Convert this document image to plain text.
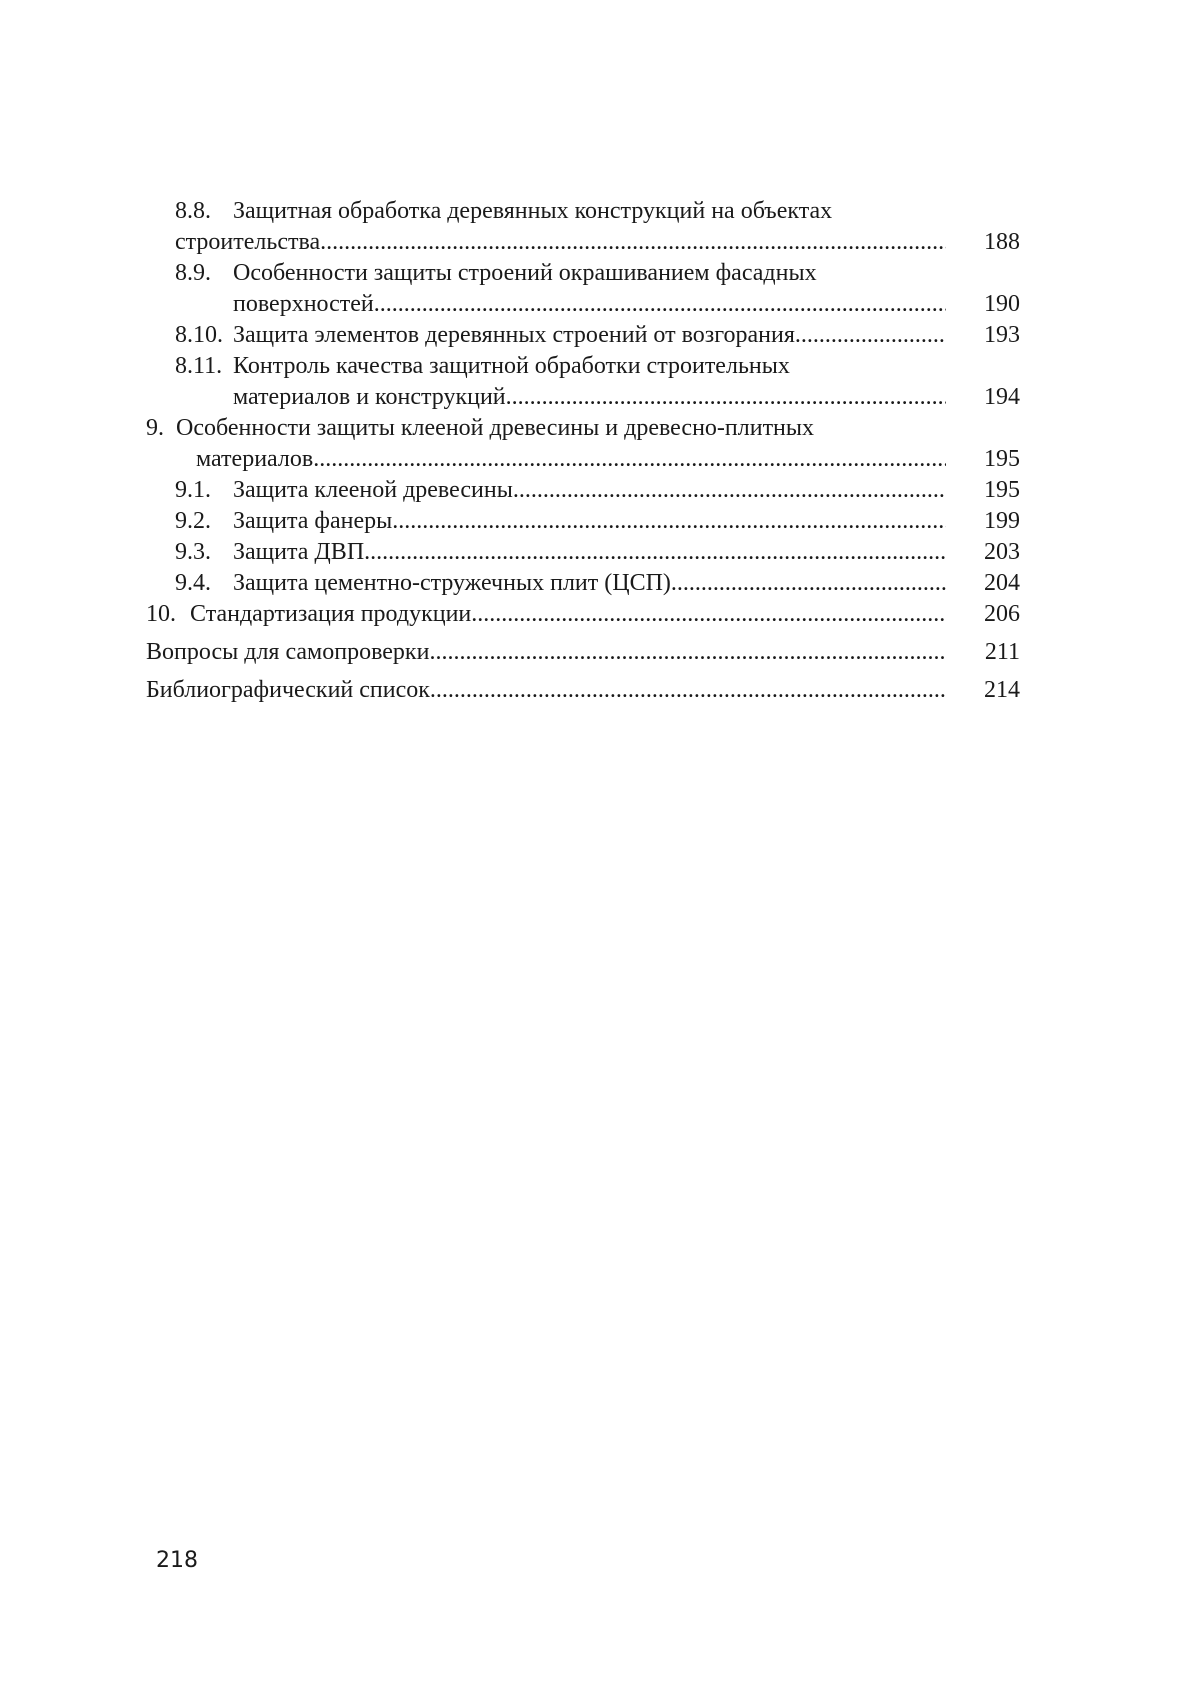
8.8. Защитная обработка деревянных конструкций на объектах
строительства .....	188
8.9. Особенности защиты строений окрашиванием фасадных
поверхностей .....	190
8.10. Защита элементов деревянных строений от возгорания .....	193
8.11. Контроль качества защитной обработки строительных
материалов и конструкций .....	194
9. Особенности защиты клееной древесины и древесно-плитных
материалов .....	195
9.1. Защита клееной древесины .....	195
9.2. Защита фанеры .....	199
9.3. Защита ДВП .....	203
9.4. Защита цементно-стружечных плит (ЦСП) .....	204
10. Стандартизация продукции .....	206
Вопросы для самопроверки .....	211
Библиографический список .....	214
218
